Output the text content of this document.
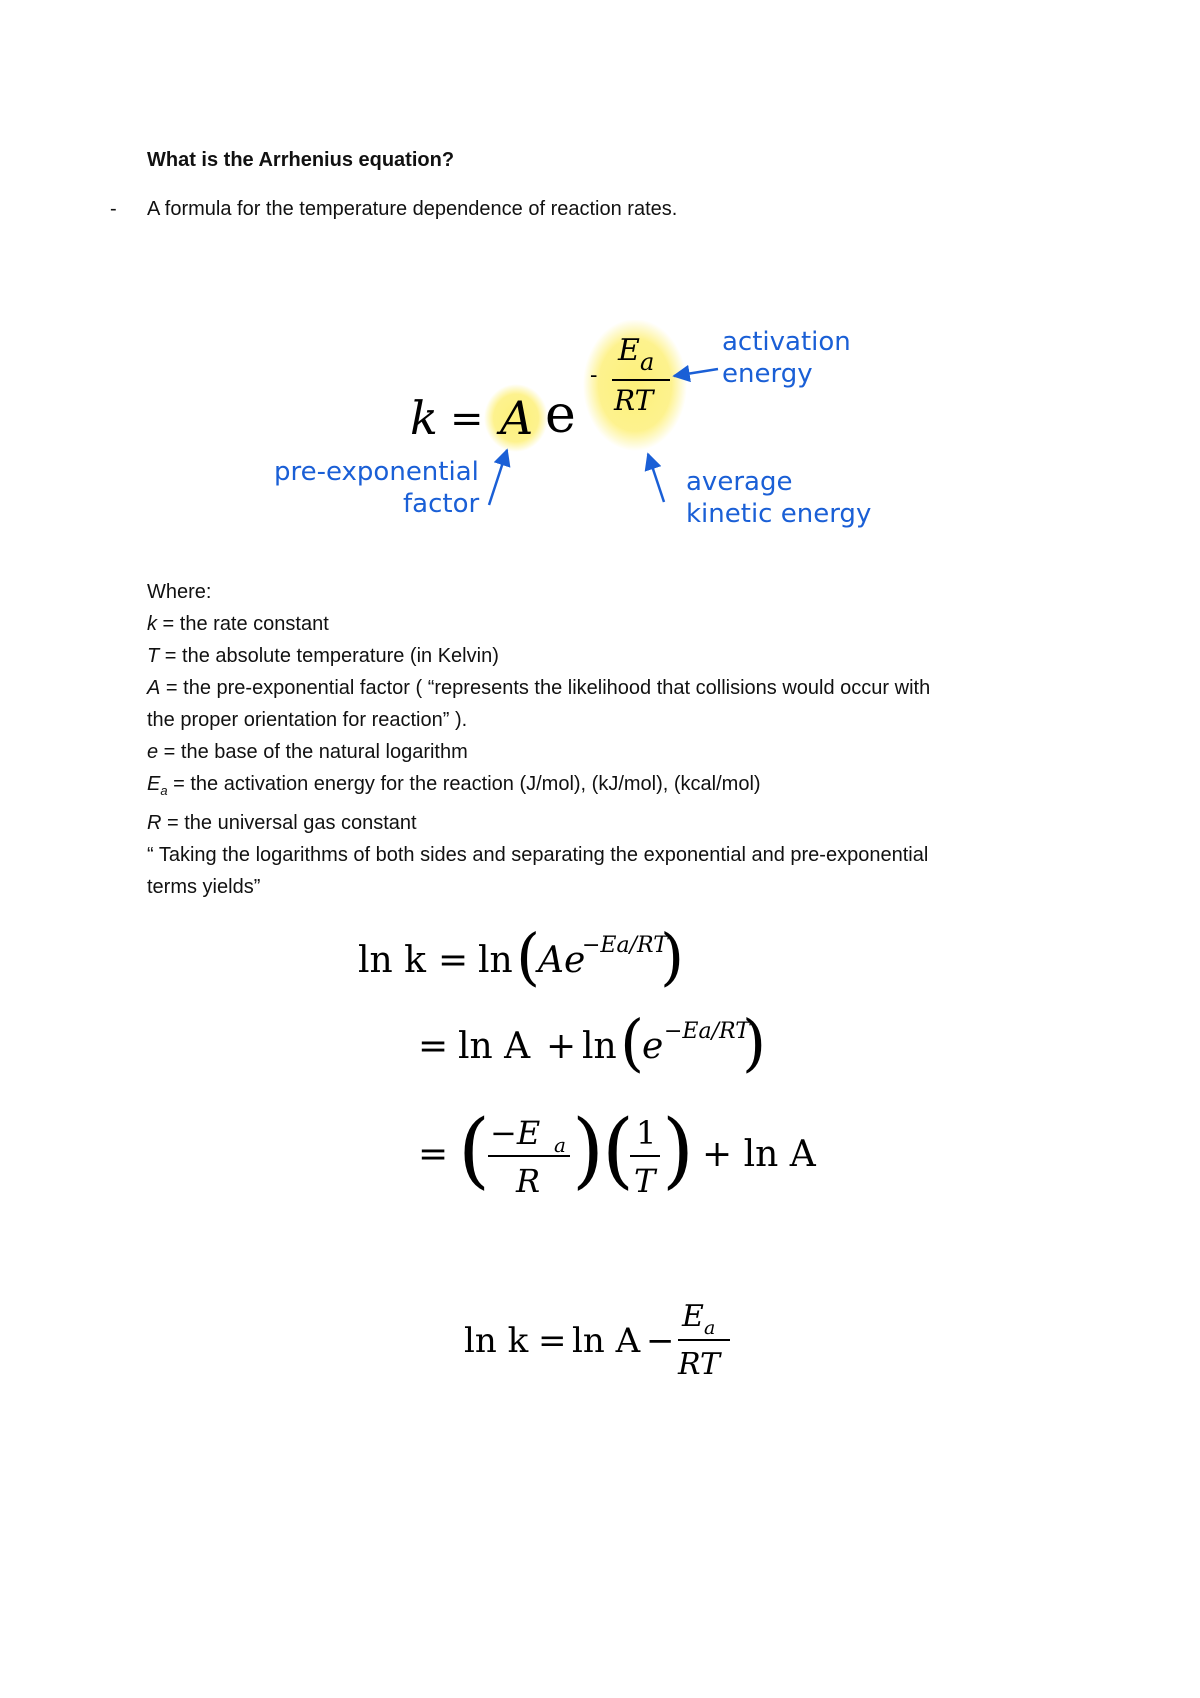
What is the Arrhenius equation?
- A formula for the temperature dependence of reaction rates.
k = A e
-
E a
RT
activation
energy
pre-exponential
factor
average
kinetic energy
Where:
k = the rate constant
T = the absolute temperature (in Kelvin)
A = the pre-exponential factor ( “represents the likelihood that collisions would occur with
the proper orientation for reaction” ).
e = the base of the natural logarithm
$E_a$ = the activation energy for the reaction (J/mol), (kJ/mol), (kcal/mol)
R = the universal gas constant
“ Taking the logarithms of both sides and separating the exponential and pre-exponential
terms yields”
ln k = ln (
Ae
−Ea/RT
)
= ln A + ln (
e −Ea/RT
)
= ( −E a
R )
( 1
T ) + ln A
ln k = ln A −
E a
RT
